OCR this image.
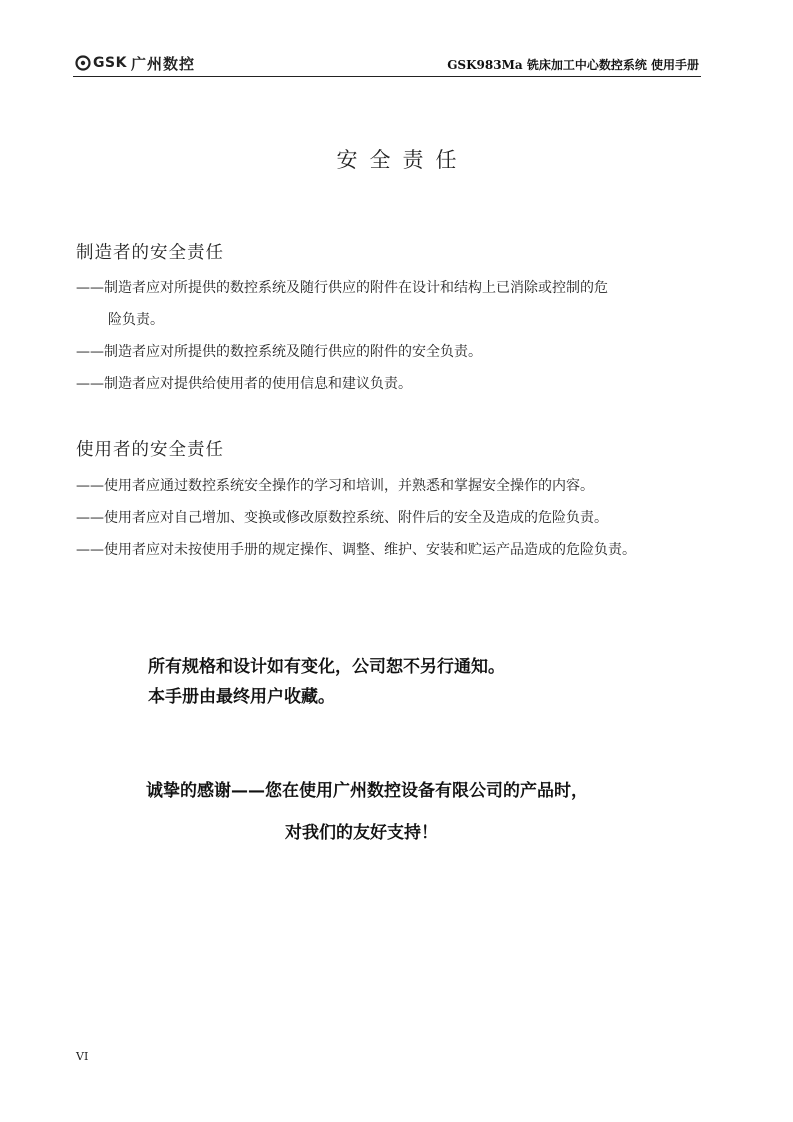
GSK 广州数控	GSK983Ma 铣床加工中心数控系统 使用手册
安全责任
制造者的安全责任
——制造者应对所提供的数控系统及随行供应的附件在设计和结构上已消除或控制的危
险负责。
——制造者应对所提供的数控系统及随行供应的附件的安全负责。
——制造者应对提供给使用者的使用信息和建议负责。
使用者的安全责任
——使用者应通过数控系统安全操作的学习和培训，并熟悉和掌握安全操作的内容。
——使用者应对自己增加、变换或修改原数控系统、附件后的安全及造成的危险负责。
——使用者应对未按使用手册的规定操作、调整、维护、安装和贮运产品造成的危险负责。
所有规格和设计如有变化，公司恕不另行通知。
本手册由最终用户收藏。
诚挚的感谢——您在使用广州数控设备有限公司的产品时，
对我们的友好支持！
VI
